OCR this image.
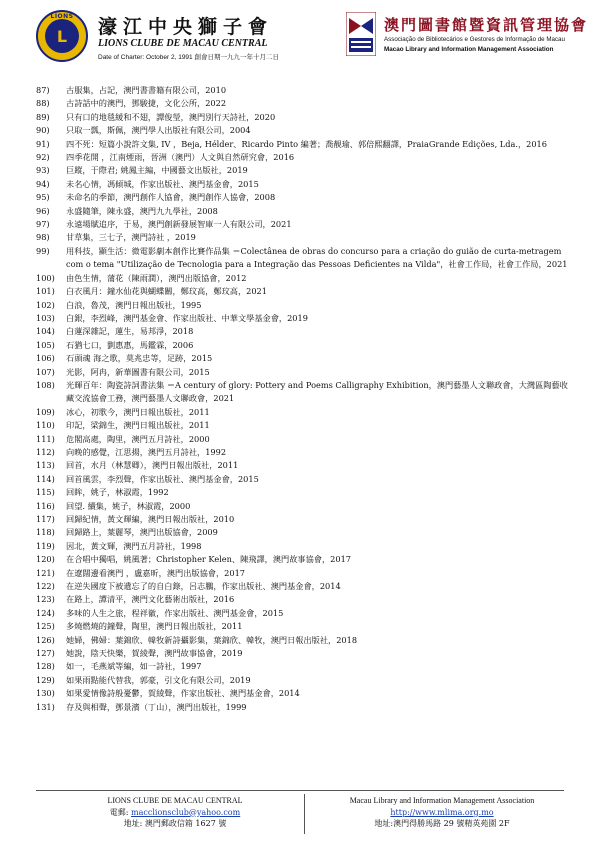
LIONS
L	濠江中央獅子會
LIONS CLUBE DE MACAU CENTRAL
Date of Charter: October 2, 1991 創會日期一九九一年十月二日
澳門圖書館暨資訊管理協會
Associação de Bibliotecários e Gestores de Informação de Macau
Macao Library and Information Management Association
87)	古服集，占記，澳門書書籍有限公司，2010
88)	古詩話中的澳門，鄧駿捷，文化公所，2022
89)	只有口的地毯緩和不翅，譚俊瑩，澳門別行天詩社，2020
90)	只取一瓢，斯佩，澳門學人出版社有限公司，2004
91)	四不死：短篇小說許文集, IV ，Beja, Hélder、Ricardo Pinto 編著；喬靚瑜、郭倍熙翻譯，PraiaGrande Edições, Lda.，2016
92)	四季花開 ，江南煙雨，晉洲（澳門）人文與自然研究會，2016
93)	巨蹤，于際君; 姚鳳主編，中國藝文出版社，2019
94)	未名心情，馮傾城，作家出版社、澳門基金會，2015
95)	未命名的季節，澳門創作人協會，澳門創作人協會，2008
96)	永盛隨筆，陳永盛，澳門九九學社，2008
97)	永遠場賦追序，于易，澳門創新發展智庫一人有限公司，2021
98)	甘草集，三七子，澳門詩社 ，2019
99)	用科技，顯生活：微電影劇本創作比賽作品集 ＝Colectânea de obras do concurso para a criação do guião de curta-metragem com o tema "Utilização de Tecnologia para a Integração das Pessoas Deficientes na Vilda"，社會工作局，社會工作局，2021
100)	由色生情，蒲花（陳雨潤），澳門出版協會，2012
101)	白衣風月：鐘水仙花與蝴蝶關，鄭玟高，鄭玟高，2021
102)	白浪，魯茂，澳門日報出版社，1995
103)	白銀，李烈峰，澳門基金會、作家出版社、中華文學基金會，2019
104)	白蓮深雜記，蓮生，易邦淨，2018
105)	石猶七口，劉惠惠，馬鑑霖，2006
106)	石頭魂 海之歌，莫兆忠等，足跡，2015
107)	光影，阿冉，新華圖書有限公司，2015
108)	光輝百年：陶瓷詩詞書法集 ＝A century of glory: Pottery and Poems Calligraphy Exhibition，澳門藝墨人文聯政會，大灣區陶藝收藏交流協會工務，澳門藝墨人文聯政會，2021
109)	冰心，初歌今，澳門日報出版社，2011
110)	印記，梁錦生，澳門日報出版社，2011
111)	危閣高處，陶里，澳門五月詩社，2000
112)	向晚的感覺，江思揚，澳門五月詩社，1992
113)	回首，水月（林慧卿），澳門日報出版社，2011
114)	回首風雲，李烈聲，作家出版社、澳門基金會，2015
115)	回眸，姚子，林淑霞，1992
116)	回望. 續集，姚子，林淑霞，2000
117)	回歸紀情，黃文輝編，澳門日報出版社，2010
118)	回歸路上，葉麗琴，澳門出版協會，2009
119)	因北，黃文輝，澳門五月詩社，1998
120)	在合唱中獨唱，姚風著；Christopher Kelen、陳飛譯，澳門故事協會，2017
121)	在遼闊邊看澳門 ，盧嘉昕，澳門出版協會，2017
122)	在逆失國度下被遺忘了的自白錄，呂志鵬，作家出版社、澳門基金會，2014
123)	在路上，譚清平，澳門文化藝術出版社，2016
124)	多味的人生之旅，程祥徽，作家出版社、澳門基金會，2015
125)	多燒燃燒的鐘聲，陶里，澳門日報出版社，2011
126)	她婦，佛婦：葉錦欣、韓牧新詩攝影集，葉錦欣、韓牧，澳門日報出版社，2018
127)	她說，陰天快樂，賀綾聲，澳門故事協會，2019
128)	如一，毛燕斌等編，如一詩社，1997
129)	如果雨點能代替我，郭豪，引文化有限公司，2019
130)	如果愛情像詩般憂鬱，賀綾聲，作家出版社、澳門基金會，2014
131)	存及與相聲，鄧景濱（丁山），澳門出版社，1999
LIONS CLUBE DE MACAU CENTRAL
電郵: macclionsclub@yahoo.com
地址: 澳門郵政信箱 1627 號
Macau Library and Information Management Association
http://www.mlima.org.mo
地址:澳門得勝馬路 29 號精英苑園 2F
